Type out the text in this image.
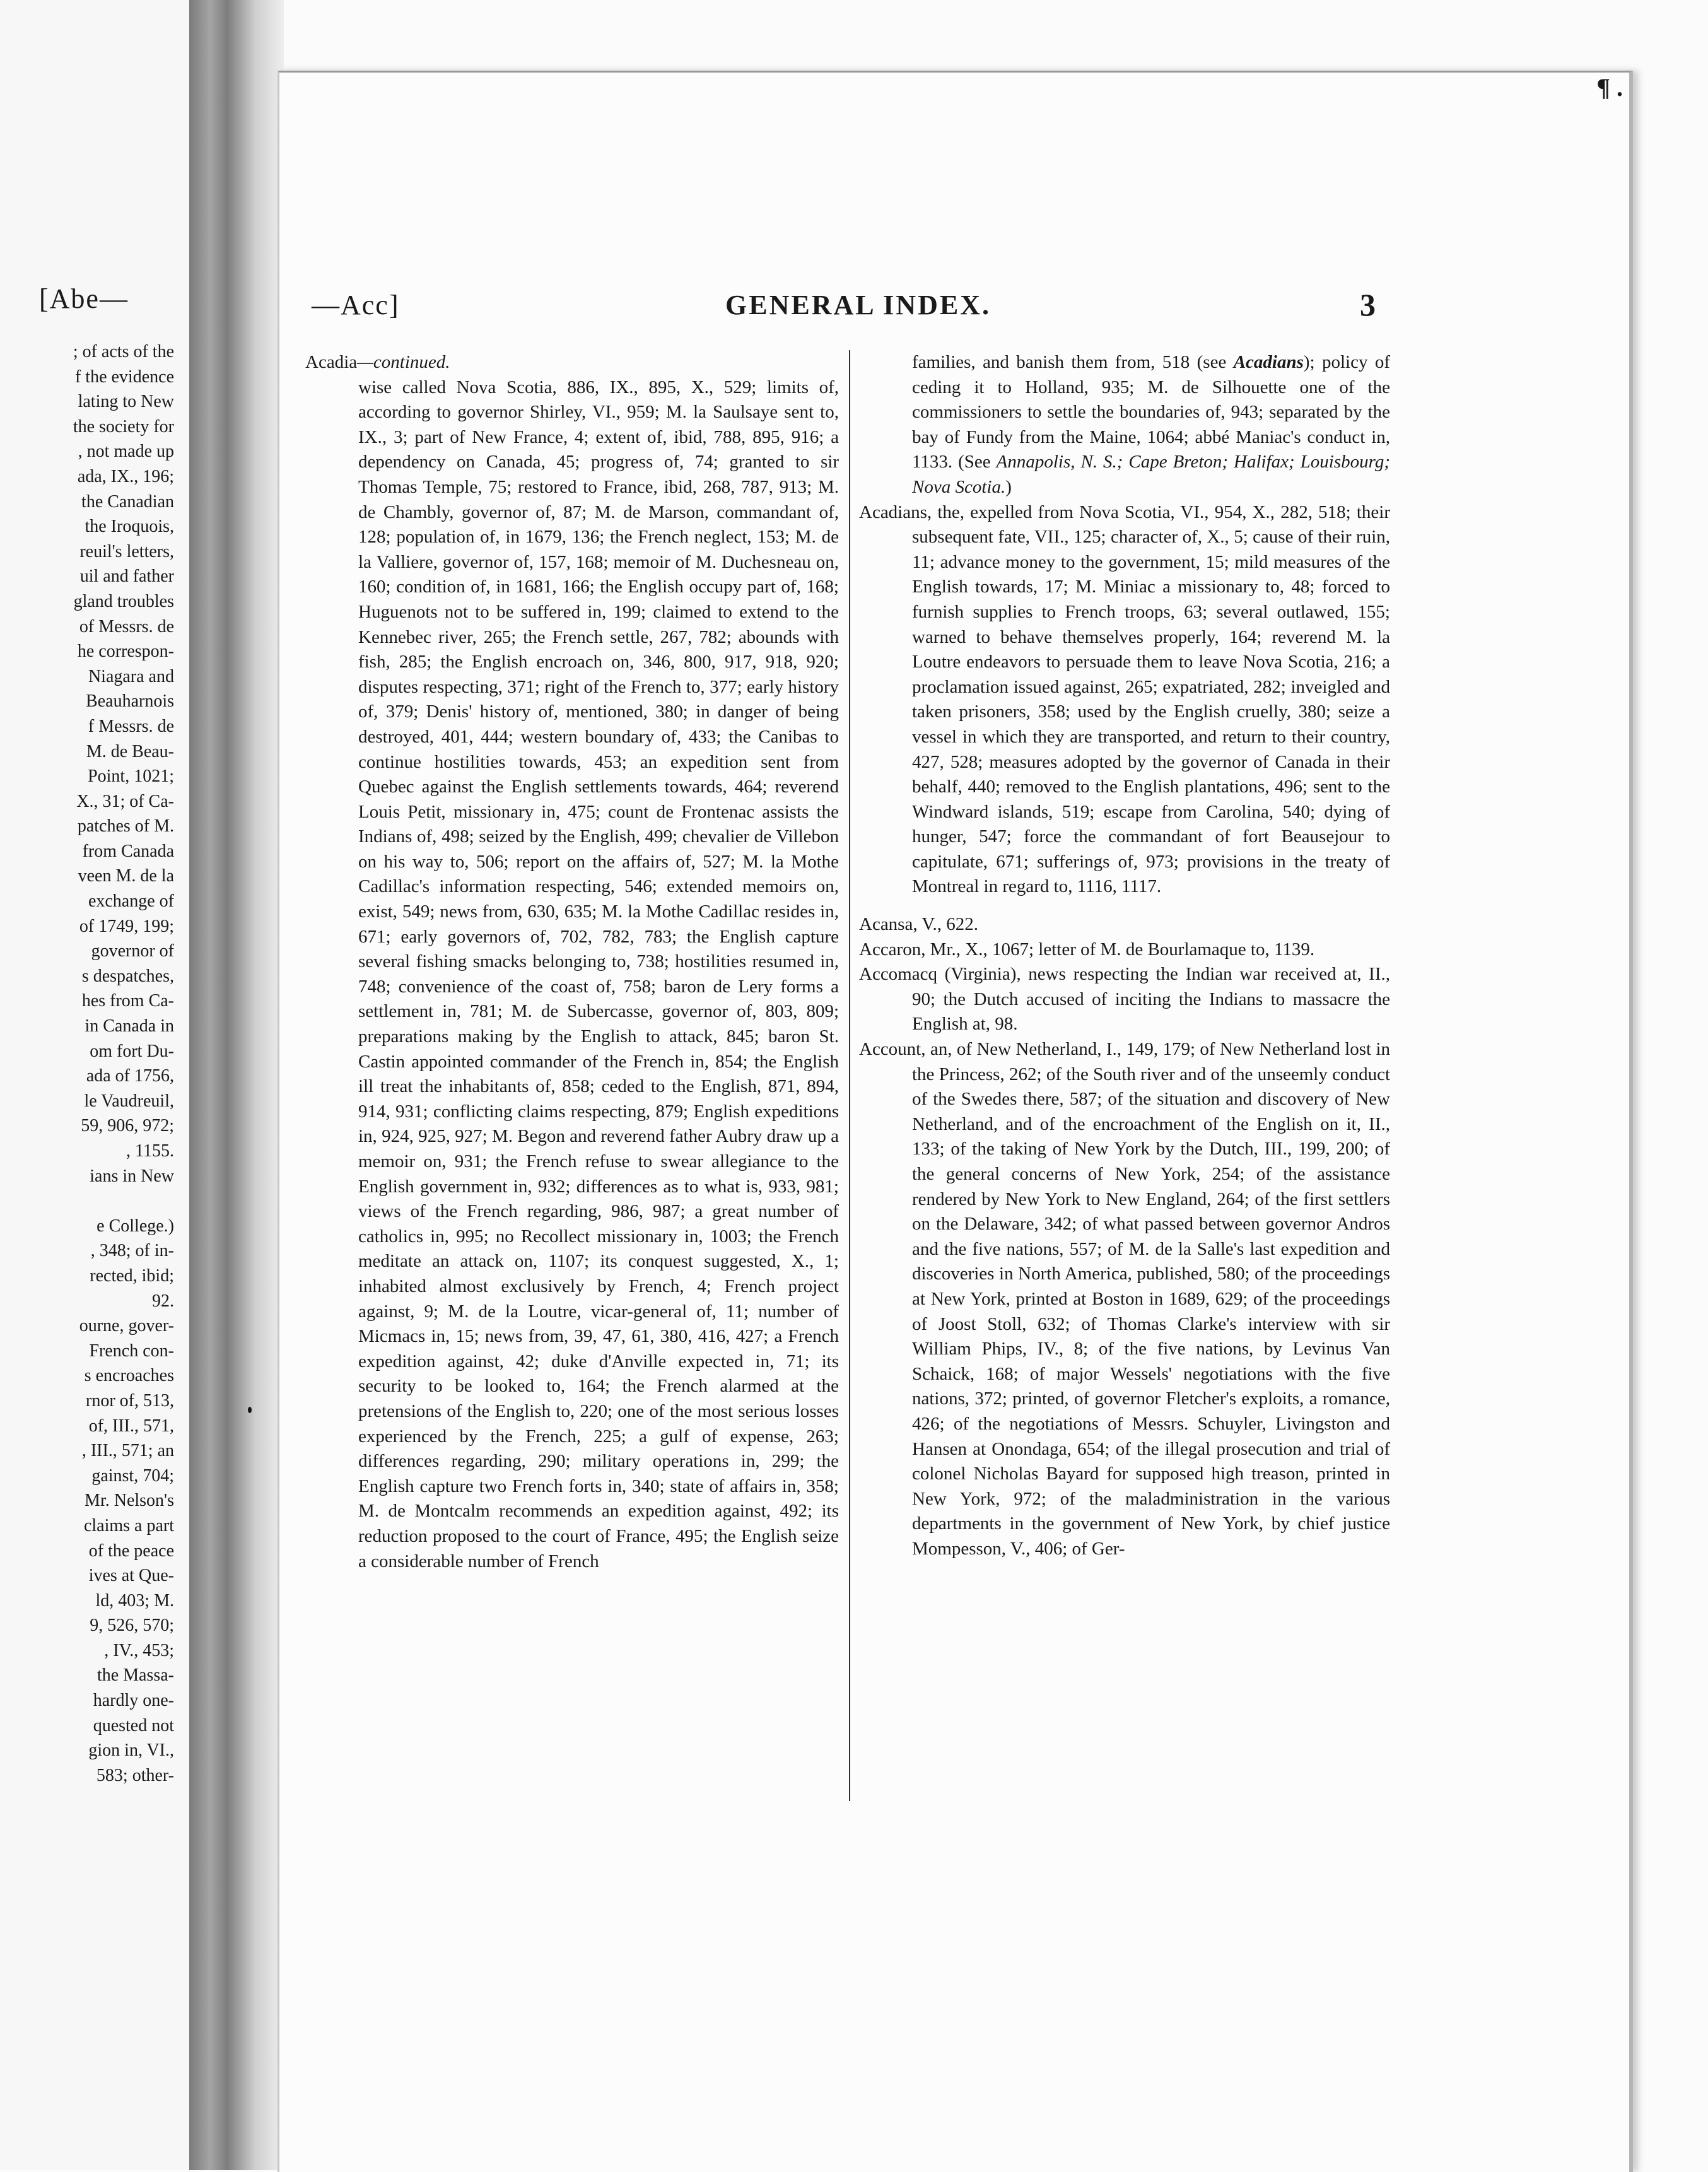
[Abe—
; of acts of the
f the evidence
lating to New
the society for
, not made up
ada, IX., 196;
the Canadian
the Iroquois,
reuil's letters,
uil and father
gland troubles
of Messrs. de
he correspon-
Niagara and
Beauharnois
f Messrs. de
M. de Beau-
Point, 1021;
X., 31; of Ca-
patches of M.
from Canada
veen M. de la
exchange of
of 1749, 199;
governor of
s despatches,
hes from Ca-
in Canada in
om fort Du-
ada of 1756,
le Vaudreuil,
59, 906, 972;
, 1155.
ians in New
e College.)
, 348; of in-
rected, ibid;
92.
ourne, gover-
French con-
s encroaches
rnor of, 513,
of, III., 571,
, III., 571; an
gainst, 704;
Mr. Nelson's
claims a part
of the peace
ives at Que-
ld, 403; M.
9, 526, 570;
, IV., 453;
the Massa-
hardly one-
quested not
gion in, VI.,
583; other-
¶ .
—Acc]	GENERAL INDEX.	3
Acadia—continued.
wise called Nova Scotia, 886, IX., 895, X., 529; limits of, according to governor Shirley, VI., 959; M. la Saulsaye sent to, IX., 3; part of New France, 4; extent of, ibid, 788, 895, 916; a dependency on Canada, 45; progress of, 74; granted to sir Thomas Temple, 75; restored to France, ibid, 268, 787, 913; M. de Chambly, governor of, 87; M. de Marson, commandant of, 128; population of, in 1679, 136; the French neglect, 153; M. de la Valliere, governor of, 157, 168; memoir of M. Duchesneau on, 160; condition of, in 1681, 166; the English occupy part of, 168; Huguenots not to be suffered in, 199; claimed to extend to the Kennebec river, 265; the French settle, 267, 782; abounds with fish, 285; the English encroach on, 346, 800, 917, 918, 920; disputes respecting, 371; right of the French to, 377; early history of, 379; Denis' history of, mentioned, 380; in danger of being destroyed, 401, 444; western boundary of, 433; the Canibas to continue hostilities towards, 453; an expedition sent from Quebec against the English settlements towards, 464; reverend Louis Petit, missionary in, 475; count de Frontenac assists the Indians of, 498; seized by the English, 499; chevalier de Villebon on his way to, 506; report on the affairs of, 527; M. la Mothe Cadillac's information respecting, 546; extended memoirs on, exist, 549; news from, 630, 635; M. la Mothe Cadillac resides in, 671; early governors of, 702, 782, 783; the English capture several fishing smacks belonging to, 738; hostilities resumed in, 748; convenience of the coast of, 758; baron de Lery forms a settlement in, 781; M. de Subercasse, governor of, 803, 809; preparations making by the English to attack, 845; baron St. Castin appointed commander of the French in, 854; the English ill treat the inhabitants of, 858; ceded to the English, 871, 894, 914, 931; conflicting claims respecting, 879; English expeditions in, 924, 925, 927; M. Begon and reverend father Aubry draw up a memoir on, 931; the French refuse to swear allegiance to the English government in, 932; differences as to what is, 933, 981; views of the French regarding, 986, 987; a great number of catholics in, 995; no Recollect missionary in, 1003; the French meditate an attack on, 1107; its conquest suggested, X., 1; inhabited almost exclusively by French, 4; French project against, 9; M. de la Loutre, vicar-general of, 11; number of Micmacs in, 15; news from, 39, 47, 61, 380, 416, 427; a French expedition against, 42; duke d'Anville expected in, 71; its security to be looked to, 164; the French alarmed at the pretensions of the English to, 220; one of the most serious losses experienced by the French, 225; a gulf of expense, 263; differences regarding, 290; military operations in, 299; the English capture two French forts in, 340; state of affairs in, 358; M. de Montcalm recommends an expedition against, 492; its reduction proposed to the court of France, 495; the English seize a considerable number of French
families, and banish them from, 518 (see Acadians); policy of ceding it to Holland, 935; M. de Silhouette one of the commissioners to settle the boundaries of, 943; separated by the bay of Fundy from the Maine, 1064; abbé Maniac's conduct in, 1133. (See Annapolis, N. S.; Cape Breton; Halifax; Louisbourg; Nova Scotia.)
Acadians, the, expelled from Nova Scotia, VI., 954, X., 282, 518; their subsequent fate, VII., 125; character of, X., 5; cause of their ruin, 11; advance money to the government, 15; mild measures of the English towards, 17; M. Miniac a missionary to, 48; forced to furnish supplies to French troops, 63; several outlawed, 155; warned to behave themselves properly, 164; reverend M. la Loutre endeavors to persuade them to leave Nova Scotia, 216; a proclamation issued against, 265; expatriated, 282; inveigled and taken prisoners, 358; used by the English cruelly, 380; seize a vessel in which they are transported, and return to their country, 427, 528; measures adopted by the governor of Canada in their behalf, 440; removed to the English plantations, 496; sent to the Windward islands, 519; escape from Carolina, 540; dying of hunger, 547; force the commandant of fort Beausejour to capitulate, 671; sufferings of, 973; provisions in the treaty of Montreal in regard to, 1116, 1117.
Acansa, V., 622.
Accaron, Mr., X., 1067; letter of M. de Bourlamaque to, 1139.
Accomacq (Virginia), news respecting the Indian war received at, II., 90; the Dutch accused of inciting the Indians to massacre the English at, 98.
Account, an, of New Netherland, I., 149, 179; of New Netherland lost in the Princess, 262; of the South river and of the unseemly conduct of the Swedes there, 587; of the situation and discovery of New Netherland, and of the encroachment of the English on it, II., 133; of the taking of New York by the Dutch, III., 199, 200; of the general concerns of New York, 254; of the assistance rendered by New York to New England, 264; of the first settlers on the Delaware, 342; of what passed between governor Andros and the five nations, 557; of M. de la Salle's last expedition and discoveries in North America, published, 580; of the proceedings at New York, printed at Boston in 1689, 629; of the proceedings of Joost Stoll, 632; of Thomas Clarke's interview with sir William Phips, IV., 8; of the five nations, by Levinus Van Schaick, 168; of major Wessels' negotiations with the five nations, 372; printed, of governor Fletcher's exploits, a romance, 426; of the negotiations of Messrs. Schuyler, Livingston and Hansen at Onondaga, 654; of the illegal prosecution and trial of colonel Nicholas Bayard for supposed high treason, printed in New York, 972; of the maladministration in the various departments in the government of New York, by chief justice Mompesson, V., 406; of Ger-
